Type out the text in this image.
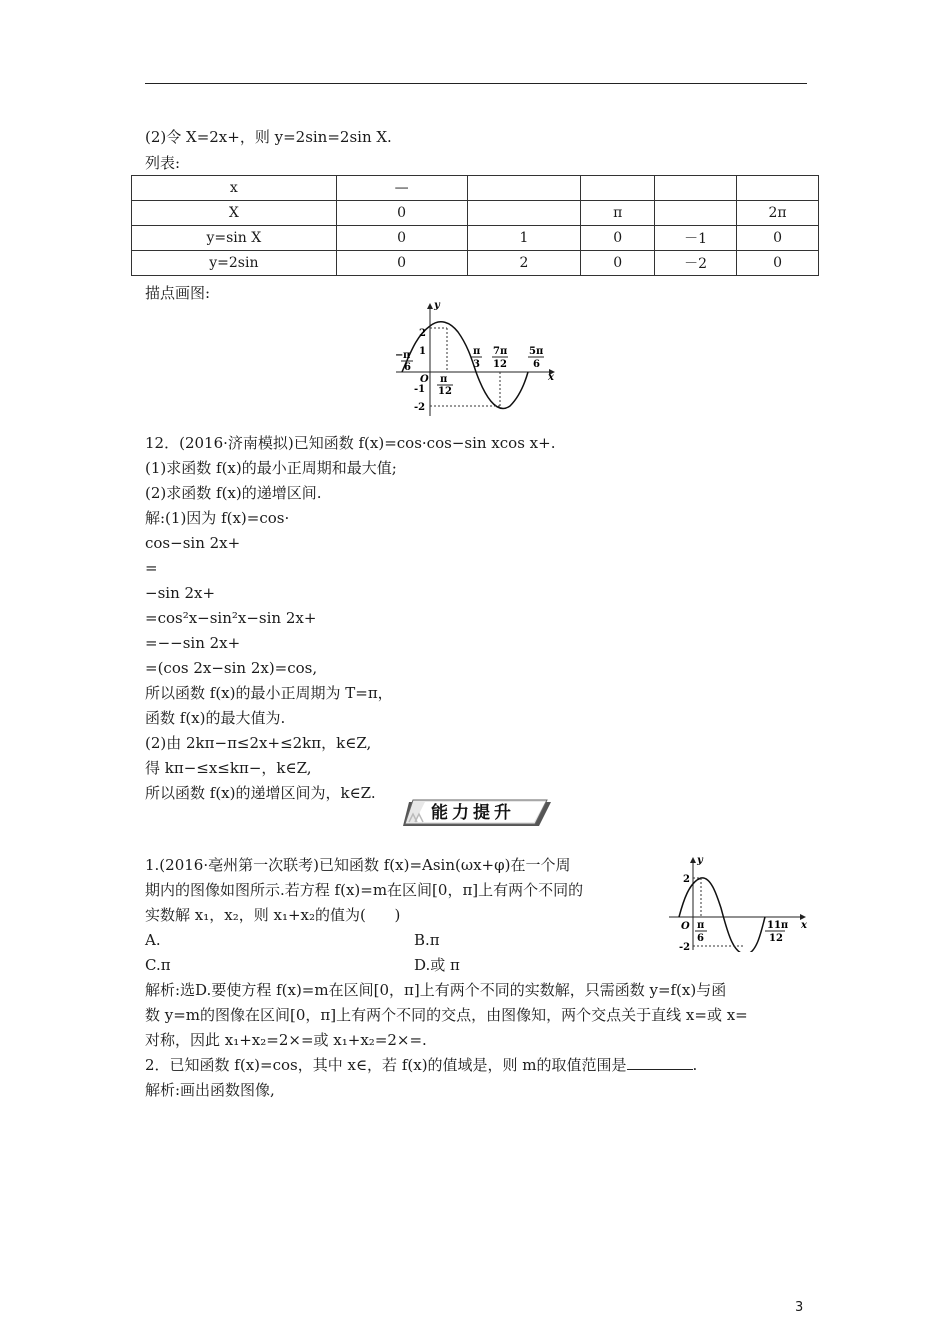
(2)令 X=2x+，则 y=2sin=2sin X.
列表:
x	—				
X	0		π		2π
y=sin X	0	1	0	－1	0
y=2sin	0	2	0	－2	0
描点画图:
y
x
O
2
1
-1
-2
− π
6
π
12
π
3
7π
12
5π
6
12．(2016·济南模拟)已知函数 f(x)=cos·cos−sin xcos x+.
(1)求函数 f(x)的最小正周期和最大值;
(2)求函数 f(x)的递增区间.
解:(1)因为 f(x)=cos·
cos−sin 2x+
=
−sin 2x+
=cos²x−sin²x−sin 2x+
=−−sin 2x+
=(cos 2x−sin 2x)=cos,
所以函数 f(x)的最小正周期为 T=π，
函数 f(x)的最大值为.
(2)由 2kπ−π≤2x+≤2kπ，k∈Z,
得 kπ−≤x≤kπ−，k∈Z,
所以函数 f(x)的递增区间为，k∈Z.
能力提升
1.(2016·亳州第一次联考)已知函数 f(x)=Asin(ωx+φ)在一个周
期内的图像如图所示.若方程 f(x)=m在区间[0，π]上有两个不同的
实数解 x₁，x₂，则 x₁+x₂的值为(      )
A.	B.π
C.π	D.或 π
y
x
O
2
-2
π
6
11π
12
解析:选D.要使方程 f(x)=m在区间[0，π]上有两个不同的实数解，只需函数 y=f(x)与函
数 y=m的图像在区间[0，π]上有两个不同的交点，由图像知，两个交点关于直线 x=或 x=
对称，因此 x₁+x₂=2×=或 x₁+x₂=2×=.
2．已知函数 f(x)=cos，其中 x∈，若 f(x)的值域是，则 m的取值范围是	.
解析:画出函数图像,
3
